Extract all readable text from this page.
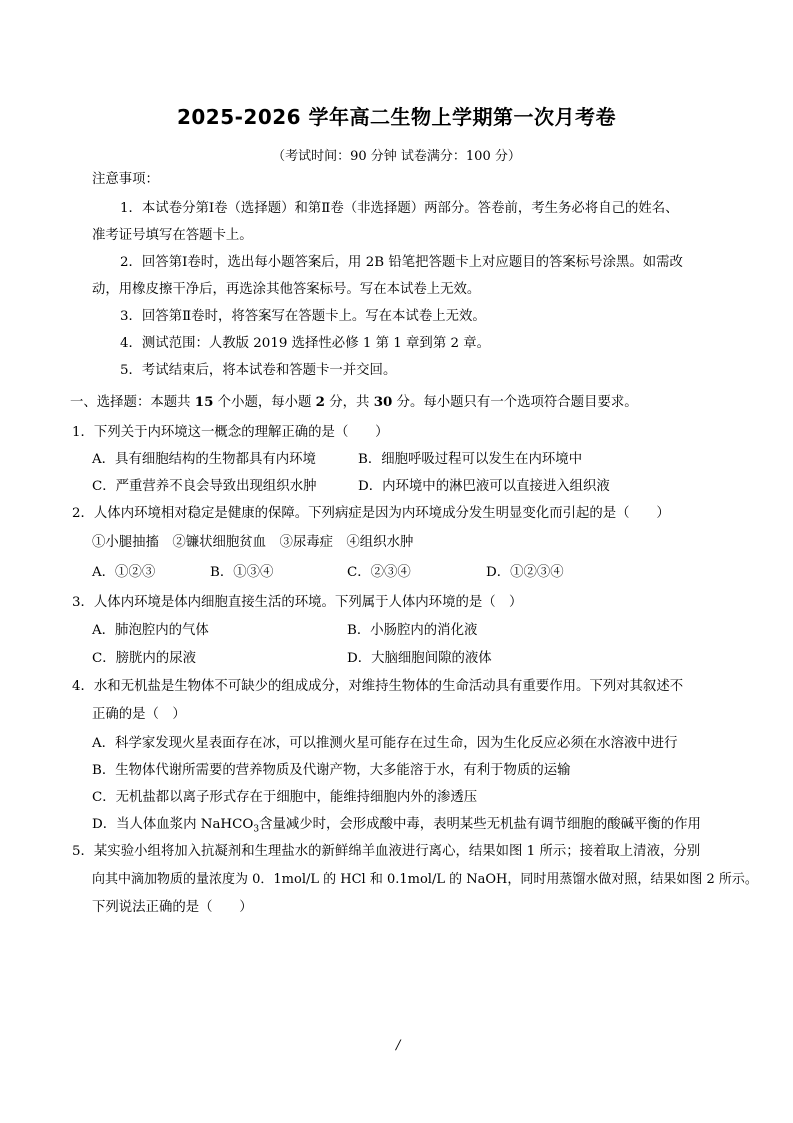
2025-2026 学年高二生物上学期第一次月考卷
（考试时间：90 分钟 试卷满分：100 分）
注意事项：
1．本试卷分第Ⅰ卷（选择题）和第Ⅱ卷（非选择题）两部分。答卷前，考生务必将自己的姓名、
准考证号填写在答题卡上。
2．回答第Ⅰ卷时，选出每小题答案后，用 2B 铅笔把答题卡上对应题目的答案标号涂黑。如需改
动，用橡皮擦干净后，再选涂其他答案标号。写在本试卷上无效。
3．回答第Ⅱ卷时，将答案写在答题卡上。写在本试卷上无效。
4．测试范围：人教版 2019 选择性必修 1 第 1 章到第 2 章。
5．考试结束后，将本试卷和答题卡一并交回。
一、选择题：本题共 15 个小题，每小题 2 分，共 30 分。每小题只有一个选项符合题目要求。
1．下列关于内环境这一概念的理解正确的是（　　）
A．具有细胞结构的生物都具有内环境	B．细胞呼吸过程可以发生在内环境中
C．严重营养不良会导致出现组织水肿	D．内环境中的淋巴液可以直接进入组织液
2．人体内环境相对稳定是健康的保障。下列病症是因为内环境成分发生明显变化而引起的是（　　）
①小腿抽搐　②镰状细胞贫血　③尿毒症　④组织水肿
A．①②③	B．①③④	C．②③④	D．①②③④
3．人体内环境是体内细胞直接生活的环境。下列属于人体内环境的是（　）
A．肺泡腔内的气体	B．小肠腔内的消化液
C．膀胱内的尿液	D．大脑细胞间隙的液体
4．水和无机盐是生物体不可缺少的组成成分，对维持生物体的生命活动具有重要作用。下列对其叙述不
正确的是（　）
A．科学家发现火星表面存在冰，可以推测火星可能存在过生命，因为生化反应必须在水溶液中进行
B．生物体代谢所需要的营养物质及代谢产物，大多能溶于水，有利于物质的运输
C．无机盐都以离子形式存在于细胞中，能维持细胞内外的渗透压
D．当人体血浆内 NaHCO$_3$含量减少时，会形成酸中毒，表明某些无机盐有调节细胞的酸碱平衡的作用
5．某实验小组将加入抗凝剂和生理盐水的新鲜绵羊血液进行离心，结果如图 1 所示；接着取上清液，分别
向其中滴加物质的量浓度为 0．1mol/L 的 HCl 和 0.1mol/L 的 NaOH，同时用蒸馏水做对照，结果如图 2 所示。
下列说法正确的是（　　）
/
